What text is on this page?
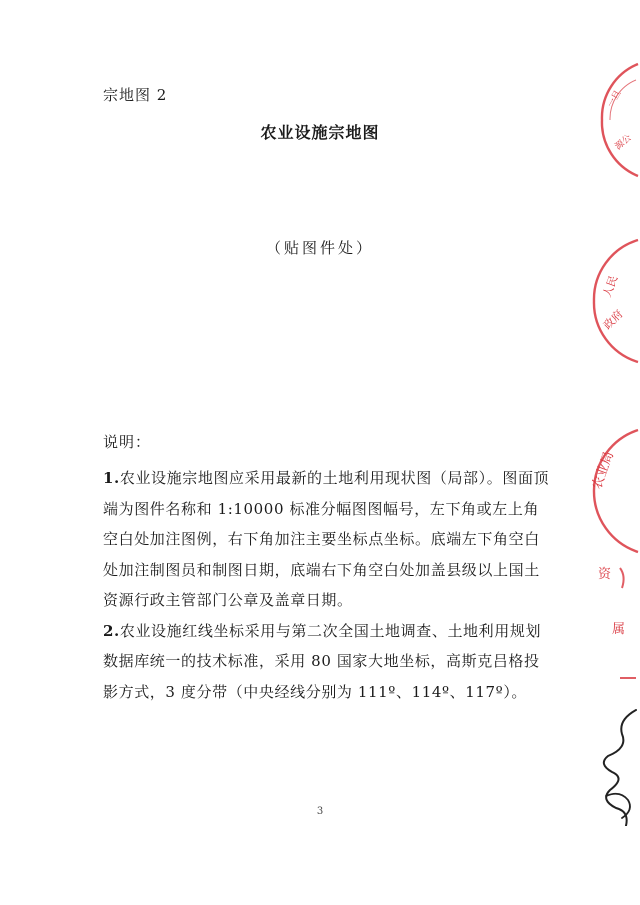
宗地图 2
农业设施宗地图
（贴图件处）
说明：

1.农业设施宗地图应采用最新的土地利用现状图（局部）。图面顶端为图件名称和 1:10000 标准分幅图图幅号，左下角或左上角空白处加注图例，右下角加注主要坐标点坐标。底端左下角空白处加注制图员和制图日期，底端右下角空白处加盖县级以上国土资源行政主管部门公章及盖章日期。

2.农业设施红线坐标采用与第二次全国土地调查、土地利用规划数据库统一的技术标准，采用 80 国家大地坐标，高斯克吕格投影方式，3 度分带（中央经线分别为 111º、114º、117º）。

3
一旦
源公
人民
政府
农业局
资
属
